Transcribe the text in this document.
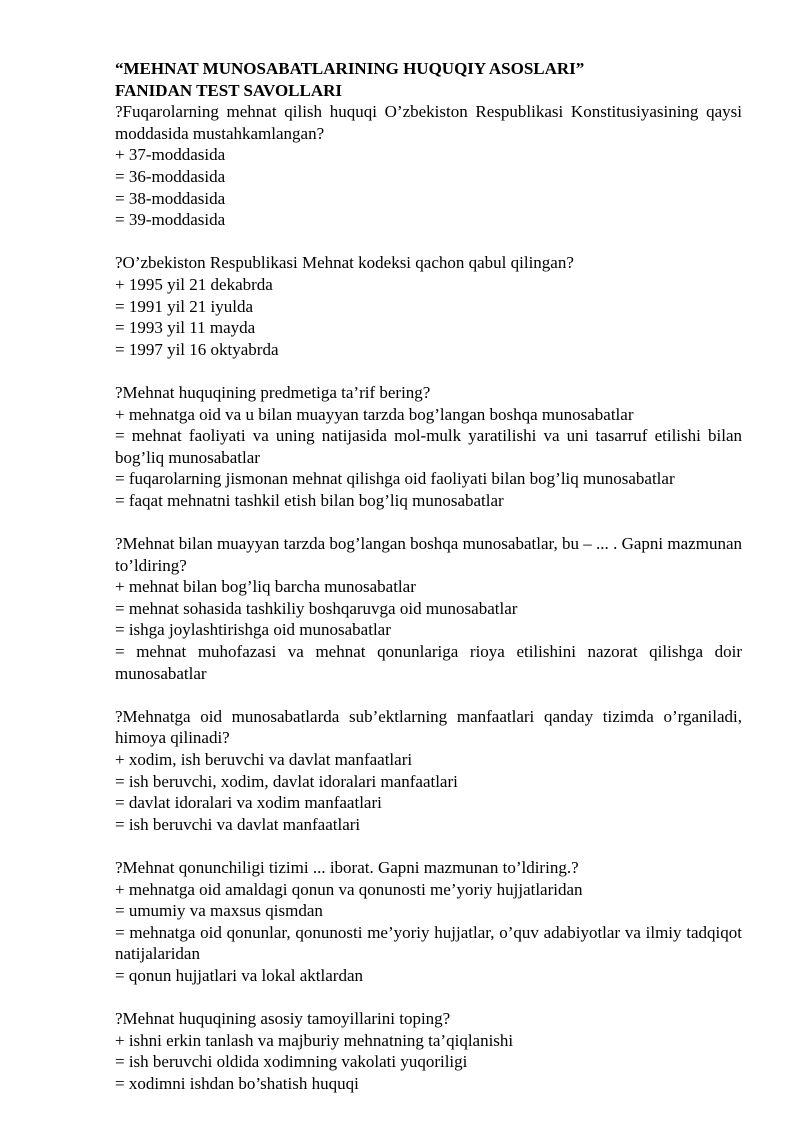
“MEHNAT MUNOSABATLARINING HUQUQIY ASOSLARI”

FANIDAN TEST SAVOLLARI

?Fuqarolarning mehnat qilish huquqi O’zbekiston Respublikasi Konstitusiyasining qaysi moddasida mustahkamlangan?

+ 37-moddasida

= 36-moddasida

= 38-moddasida

= 39-moddasida

?O’zbekiston Respublikasi Mehnat kodeksi qachon qabul qilingan?

+ 1995 yil 21 dekabrda

= 1991 yil 21 iyulda

= 1993 yil 11 mayda

= 1997 yil 16 oktyabrda

?Mehnat huquqining predmetiga ta’rif bering?

+ mehnatga oid va u bilan muayyan tarzda bog’langan boshqa munosabatlar

= mehnat faoliyati va uning natijasida mol-mulk yaratilishi va uni tasarruf etilishi bilan bog’liq munosabatlar

= fuqarolarning jismonan mehnat qilishga oid faoliyati bilan bog’liq munosabatlar

= faqat mehnatni tashkil etish bilan bog’liq munosabatlar

?Mehnat bilan muayyan tarzda bog’langan boshqa munosabatlar, bu – ... . Gapni mazmunan to’ldiring?

+ mehnat bilan bog’liq barcha munosabatlar

= mehnat sohasida tashkiliy boshqaruvga oid munosabatlar

= ishga joylashtirishga oid munosabatlar

= mehnat muhofazasi va mehnat qonunlariga rioya etilishini nazorat qilishga doir munosabatlar

?Mehnatga oid munosabatlarda sub’ektlarning manfaatlari qanday tizimda o’rganiladi, himoya qilinadi?

+ xodim, ish beruvchi va davlat manfaatlari

= ish beruvchi, xodim, davlat idoralari manfaatlari

= davlat idoralari va xodim manfaatlari

= ish beruvchi va davlat manfaatlari

?Mehnat qonunchiligi tizimi ... iborat. Gapni mazmunan to’ldiring.?

+ mehnatga oid amaldagi qonun va qonunosti me’yoriy hujjatlaridan

= umumiy va maxsus qismdan

= mehnatga oid qonunlar, qonunosti me’yoriy hujjatlar, o’quv adabiyotlar va ilmiy tadqiqot natijalaridan

= qonun hujjatlari va lokal aktlardan

?Mehnat huquqining asosiy tamoyillarini toping?

+ ishni erkin tanlash va majburiy mehnatning ta’qiqlanishi

= ish beruvchi oldida xodimning vakolati yuqoriligi

= xodimni ishdan bo’shatish huquqi
